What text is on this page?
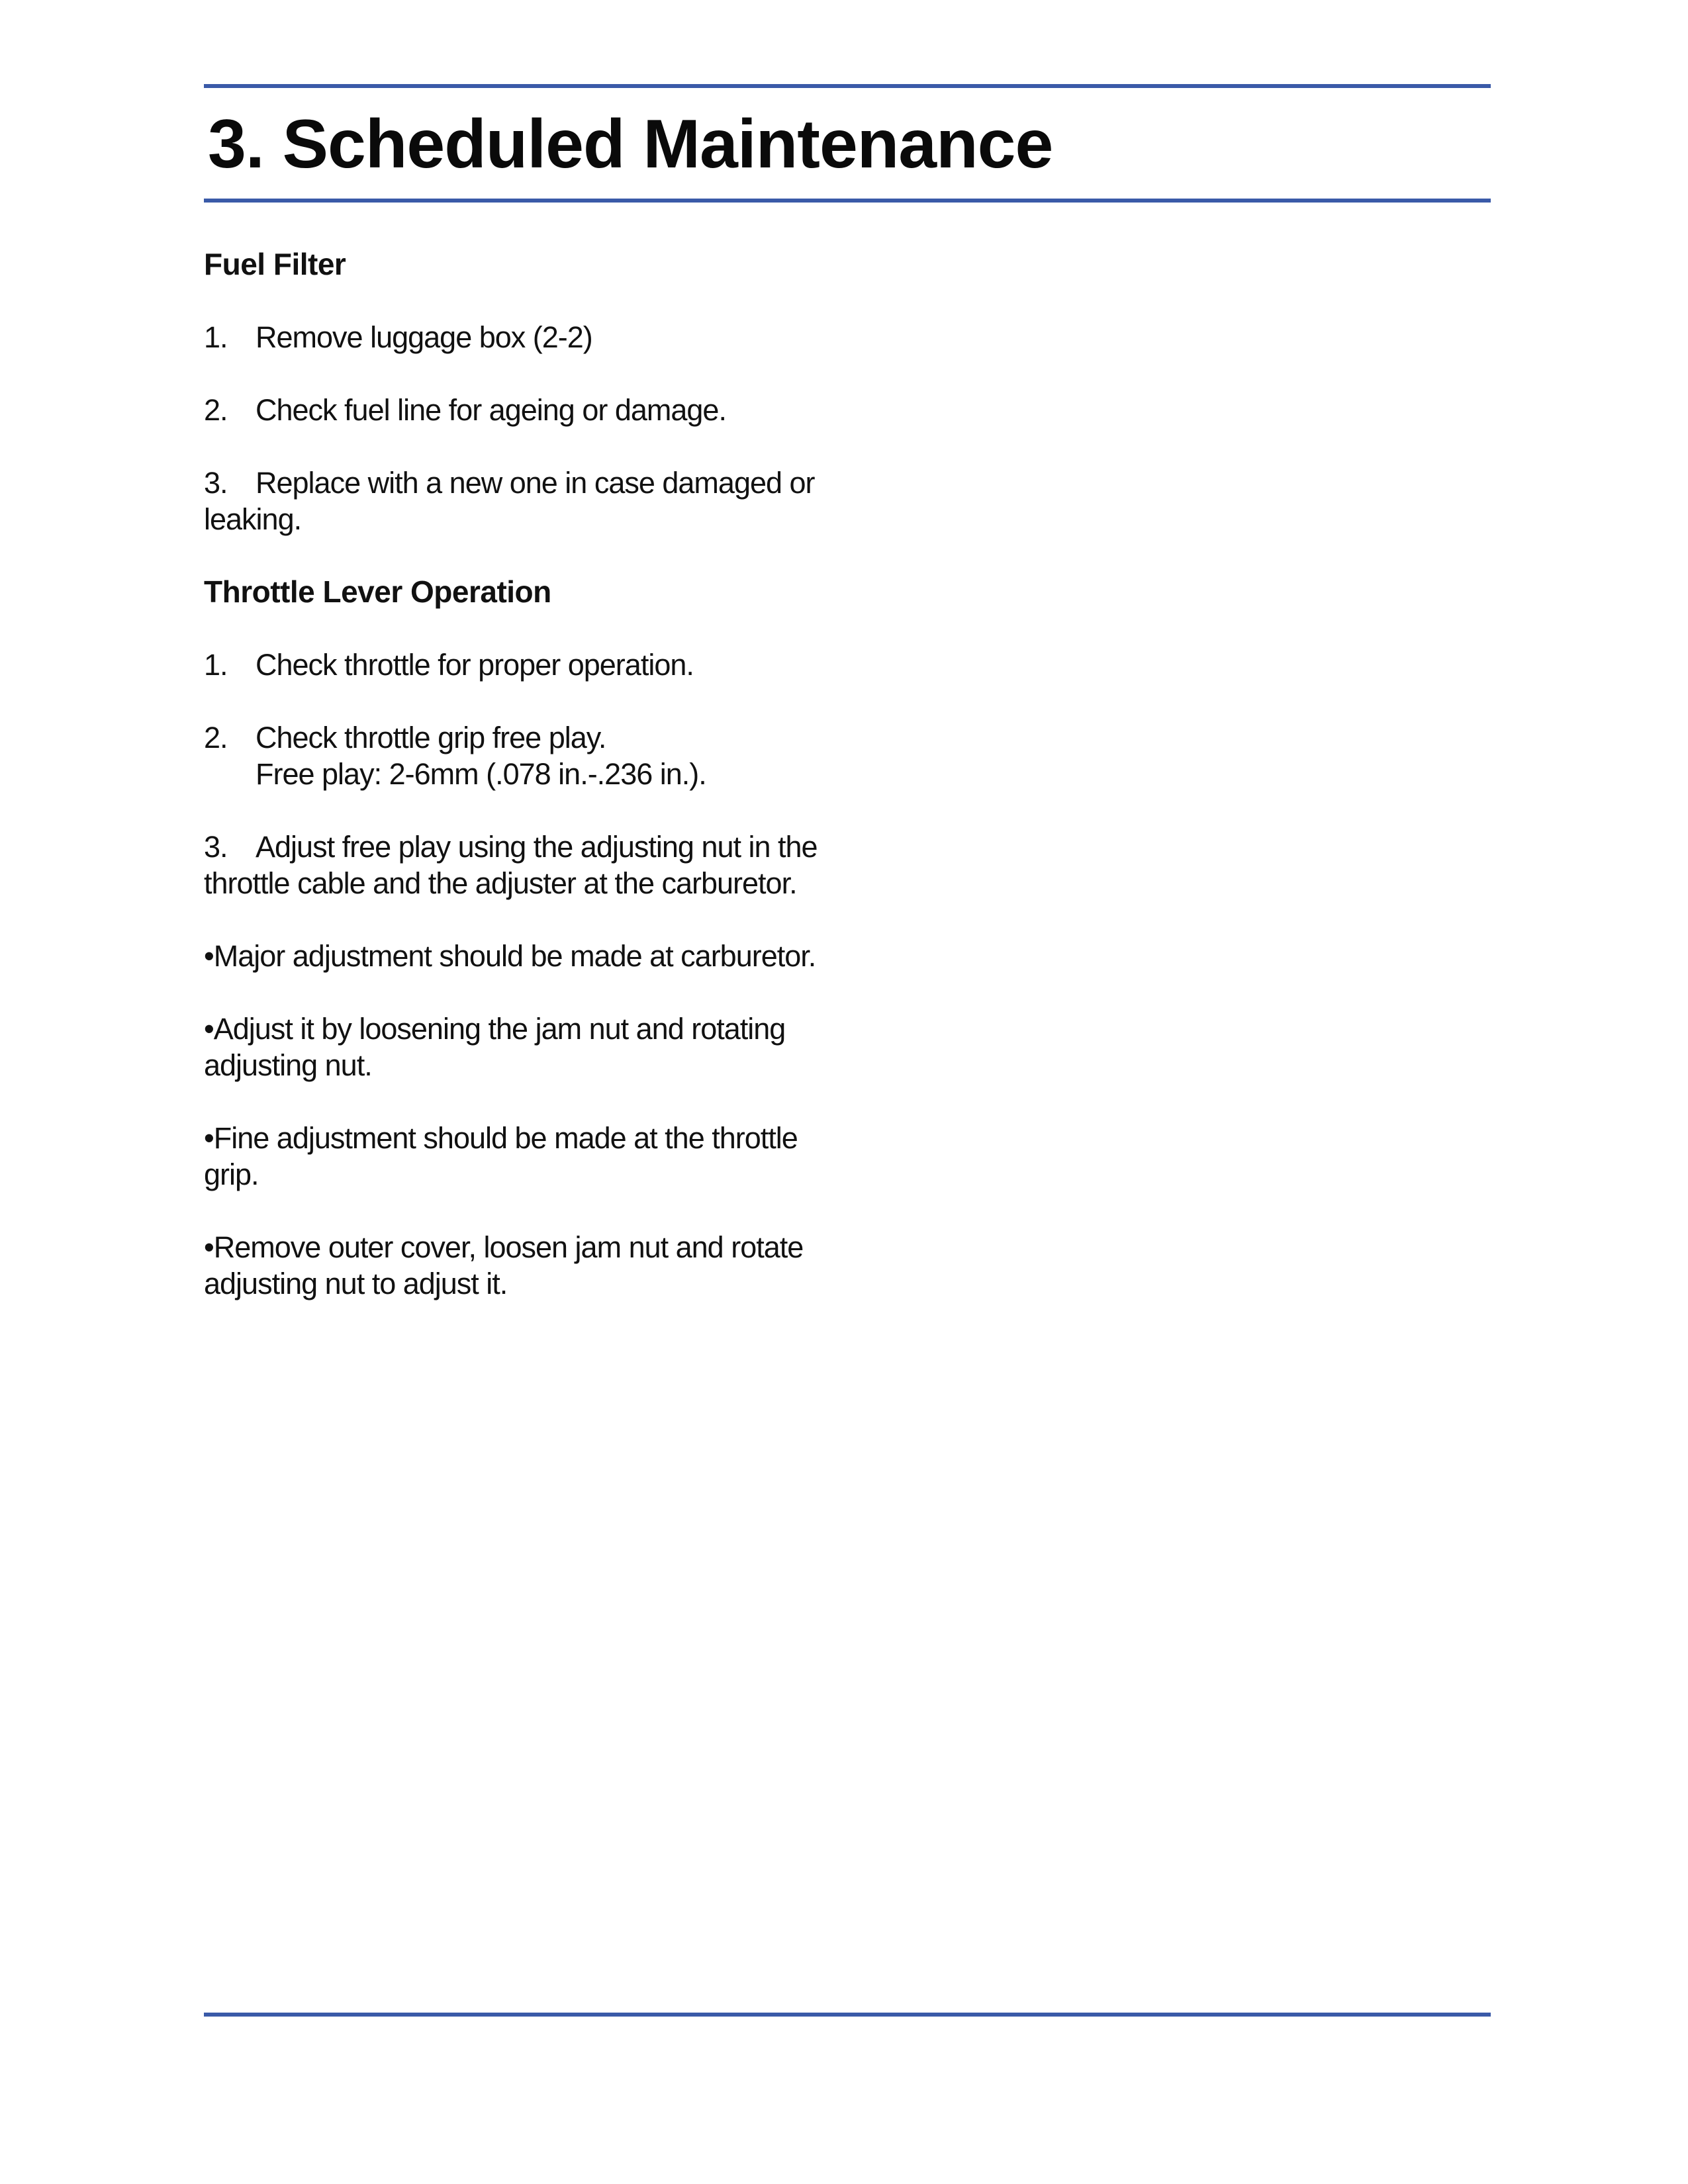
3. Scheduled Maintenance
Fuel Filter

1. Remove luggage box (2-2)

2. Check fuel line for ageing or damage.

3. Replace with a new one in case damaged or leaking.

Throttle Lever Operation

1. Check throttle for proper operation.

2. Check throttle grip free play.
Free play: 2-6mm (.078 in.-.236 in.).

3. Adjust free play using the adjusting nut in the throttle cable and the adjuster at the carburetor.

•Major adjustment should be made at carburetor.

•Adjust it by loosening the jam nut and rotating adjusting nut.

•Fine adjustment should be made at the throttle grip.

•Remove outer cover, loosen jam nut and rotate adjusting nut to adjust it.
